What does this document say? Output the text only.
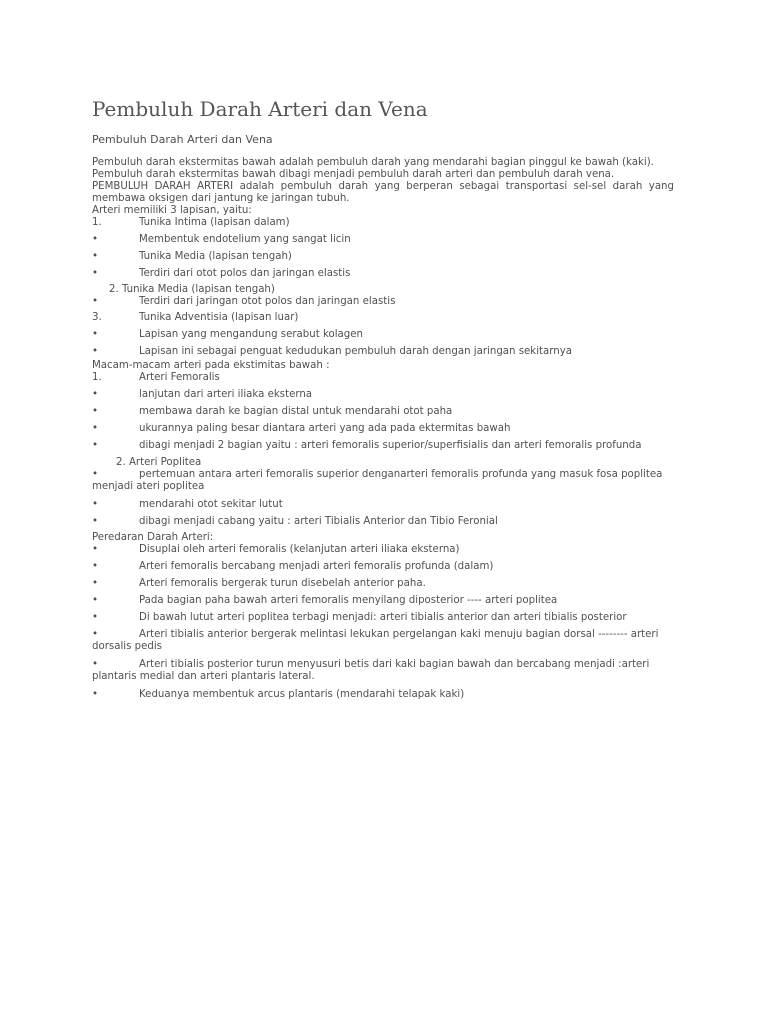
Pembuluh Darah Arteri dan Vena
Pembuluh Darah Arteri dan Vena
Pembuluh darah ekstermitas bawah adalah pembuluh darah yang mendarahi bagian pinggul ke bawah (kaki).
Pembuluh darah ekstermitas bawah dibagi menjadi pembuluh darah arteri dan pembuluh darah vena.
PEMBULUH DARAH ARTERI adalah pembuluh darah yang berperan sebagai transportasi sel-sel darah yang membawa oksigen dari jantung ke jaringan tubuh.
Arteri memiliki 3 lapisan, yaitu:
1.	Tunika Intima (lapisan dalam)
•	Membentuk endotelium yang sangat licin
•	Tunika Media (lapisan tengah)
•	Terdiri dari otot polos dan jaringan elastis
2. Tunika Media (lapisan tengah)
•	Terdiri dari jaringan otot polos dan jaringan elastis
3.	Tunika Adventisia (lapisan luar)
•	Lapisan yang mengandung serabut kolagen
•	Lapisan ini sebagai penguat kedudukan pembuluh darah dengan jaringan sekitarnya
Macam-macam arteri pada ekstimitas bawah :
1.	Arteri Femoralis
•	lanjutan dari arteri iliaka eksterna
•	membawa darah ke bagian distal untuk mendarahi otot paha
•	ukurannya paling besar diantara arteri yang ada pada ektermitas bawah
•	dibagi menjadi 2 bagian yaitu : arteri femoralis superior/superfisialis dan arteri femoralis profunda
2. Arteri Poplitea
•	pertemuan antara arteri femoralis superior denganarteri femoralis profunda yang masuk fosa poplitea menjadi ateri poplitea
•	mendarahi otot sekitar lutut
•	dibagi menjadi cabang yaitu : arteri Tibialis Anterior dan Tibio Feronial
Peredaran Darah Arteri:
•	Disuplai oleh arteri femoralis (kelanjutan arteri iliaka eksterna)
•	Arteri femoralis bercabang menjadi arteri femoralis profunda (dalam)
•	Arteri femoralis bergerak turun disebelah anterior paha.
•	Pada bagian paha bawah arteri femoralis menyilang diposterior ---- arteri poplitea
•	Di bawah lutut arteri poplitea terbagi menjadi: arteri tibialis anterior dan arteri tibialis posterior
•	Arteri tibialis anterior bergerak melintasi lekukan pergelangan kaki menuju bagian dorsal -------- arteri dorsalis pedis
•	Arteri tibialis posterior turun menyusuri betis dari kaki bagian bawah dan bercabang menjadi :arteri plantaris medial dan arteri plantaris lateral.
•	Keduanya membentuk arcus plantaris (mendarahi telapak kaki)
